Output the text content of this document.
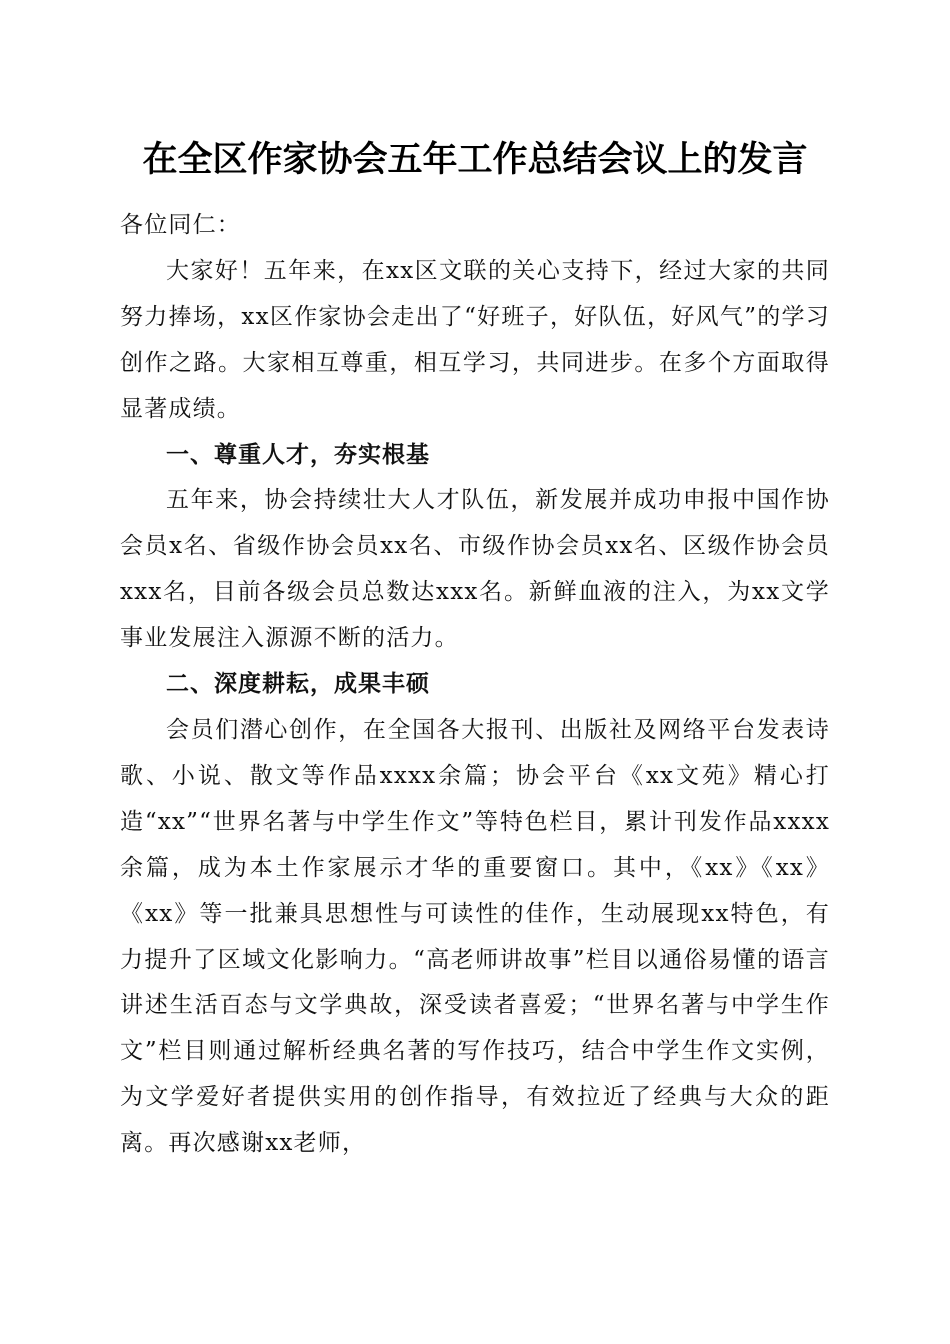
在全区作家协会五年工作总结会议上的发言

各位同仁：

大家好！五年来，在xx区文联的关心支持下，经过大家的共同努力捧场，xx区作家协会走出了“好班子，好队伍，好风气”的学习创作之路。大家相互尊重，相互学习，共同进步。在多个方面取得显著成绩。

一、尊重人才，夯实根基

五年来，协会持续壮大人才队伍，新发展并成功申报中国作协会员x名、省级作协会员xx名、市级作协会员xx名、区级作协会员xxx名，目前各级会员总数达xxx名。新鲜血液的注入，为xx文学事业发展注入源源不断的活力。

二、深度耕耘，成果丰硕

会员们潜心创作，在全国各大报刊、出版社及网络平台发表诗歌、小说、散文等作品xxxx余篇；协会平台《xx文苑》精心打造“xx”“世界名著与中学生作文”等特色栏目，累计刊发作品xxxx余篇，成为本土作家展示才华的重要窗口。其中，《xx》《xx》《xx》等一批兼具思想性与可读性的佳作，生动展现xx特色，有力提升了区域文化影响力。“高老师讲故事”栏目以通俗易懂的语言讲述生活百态与文学典故，深受读者喜爱；“世界名著与中学生作文”栏目则通过解析经典名著的写作技巧，结合中学生作文实例，为文学爱好者提供实用的创作指导，有效拉近了经典与大众的距离。再次感谢xx老师，
